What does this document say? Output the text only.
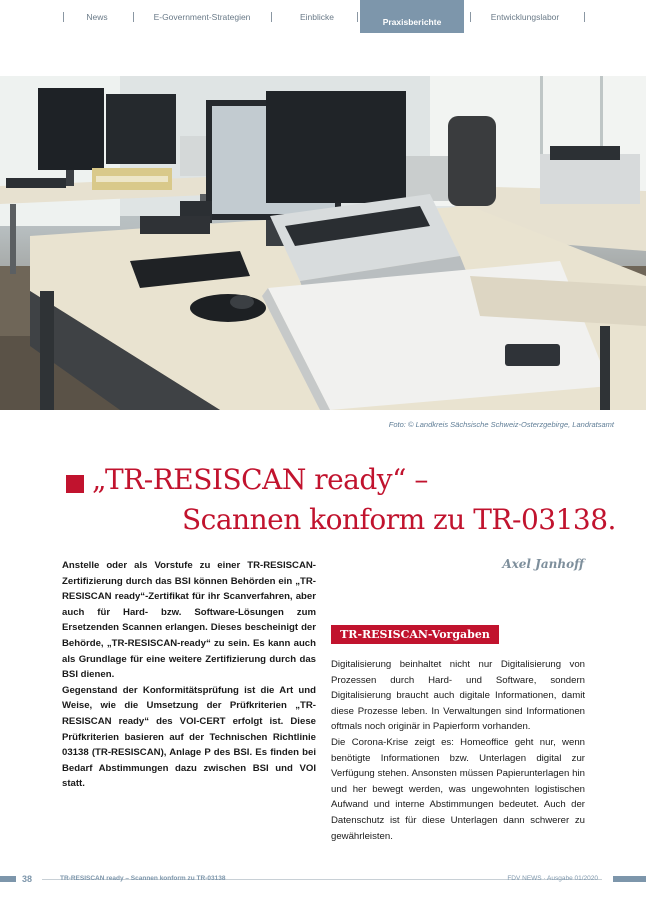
News	E-Government-Strategien	Einblicke	Praxisberichte	Entwicklungslabor
Foto: © Landkreis Sächsische Schweiz-Osterzgebirge, Landratsamt
„TR-RESISCAN ready“ –
Scannen konform zu TR-03138.
Axel Janhoff

Anstelle oder als Vorstufe zu einer TR-RESISCAN-Zertifizierung durch das BSI können Behörden ein „TR-RESISCAN ready“-Zertifikat für ihr Scanverfahren, aber auch für Hard- bzw. Software-Lösungen zum Ersetzenden Scannen erlangen. Dieses bescheinigt der Behörde, „TR-RESISCAN-ready“ zu sein. Es kann auch als Grundlage für eine weitere Zertifizierung durch das BSI dienen.

Gegenstand der Konformitätsprüfung ist die Art und Weise, wie die Umsetzung der Prüfkriterien „TR-RESISCAN ready“ des VOI-CERT erfolgt ist. Diese Prüfkriterien basieren auf der Technischen Richtlinie 03138 (TR-RESISCAN), Anlage P des BSI. Es finden bei Bedarf Abstimmungen dazu zwischen BSI und VOI statt.

TR-RESISCAN-Vorgaben

Digitalisierung beinhaltet nicht nur Digitalisierung von Prozessen durch Hard- und Software, sondern Digitalisierung braucht auch digitale Informationen, damit diese Prozesse leben. In Verwaltungen sind Informationen oftmals noch originär in Papierform vorhanden.

Die Corona-Krise zeigt es: Homeoffice geht nur, wenn benötigte Informationen bzw. Unterlagen digital zur Verfügung stehen. Ansonsten müssen Papierunterlagen hin und her bewegt werden, was ungewohnten logistischen Aufwand und interne Abstimmungen bedeutet. Auch der Datenschutz ist für diese Unterlagen dann schwerer zu gewährleisten.

38	TR-RESISCAN ready – Scannen konform zu TR-03138	FDV NEWS · Ausgabe 01/2020
